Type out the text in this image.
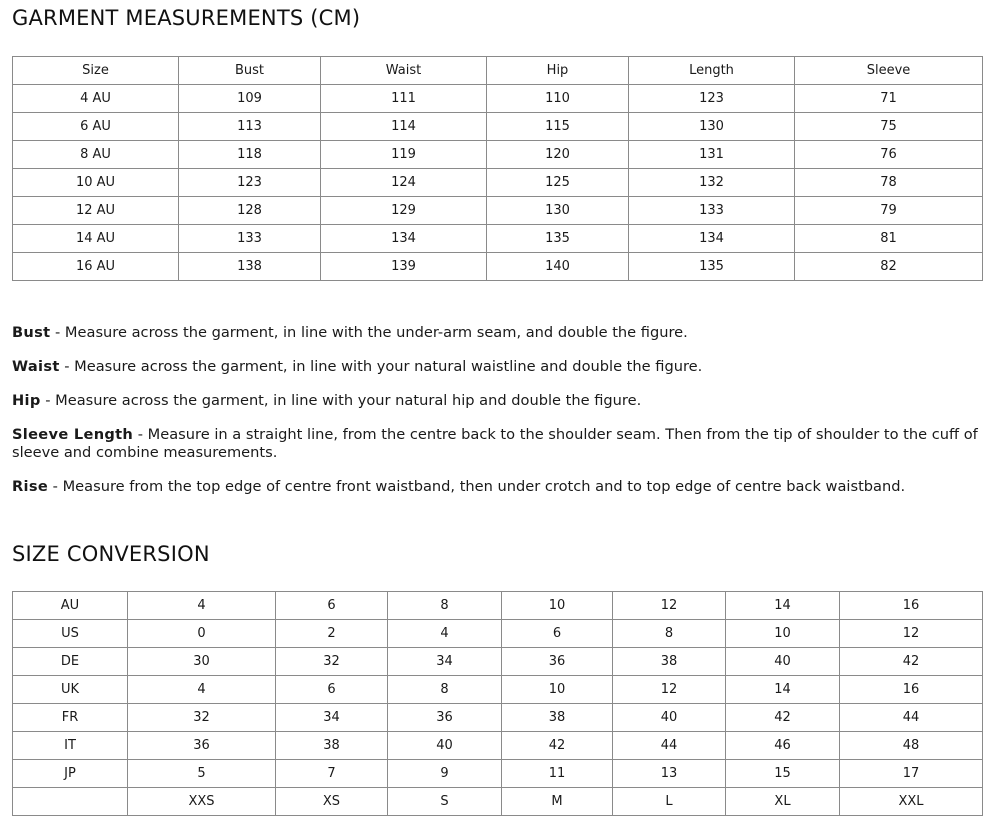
GARMENT MEASUREMENTS (CM)
Size	Bust	Waist	Hip	Length	Sleeve
4 AU	109	111	110	123	71
6 AU	113	114	115	130	75
8 AU	118	119	120	131	76
10 AU	123	124	125	132	78
12 AU	128	129	130	133	79
14 AU	133	134	135	134	81
16 AU	138	139	140	135	82

Bust - Measure across the garment, in line with the under-arm seam, and double the figure.

Waist - Measure across the garment, in line with your natural waistline and double the figure.

Hip - Measure across the garment, in line with your natural hip and double the figure.

Sleeve Length - Measure in a straight line, from the centre back to the shoulder seam. Then from the tip of shoulder to the cuff of sleeve and combine measurements.

Rise - Measure from the top edge of centre front waistband, then under crotch and to top edge of centre back waistband.

SIZE CONVERSION
AU	4	6	8	10	12	14	16
US	0	2	4	6	8	10	12
DE	30	32	34	36	38	40	42
UK	4	6	8	10	12	14	16
FR	32	34	36	38	40	42	44
IT	36	38	40	42	44	46	48
JP	5	7	9	11	13	15	17
	XXS	XS	S	M	L	XL	XXL
